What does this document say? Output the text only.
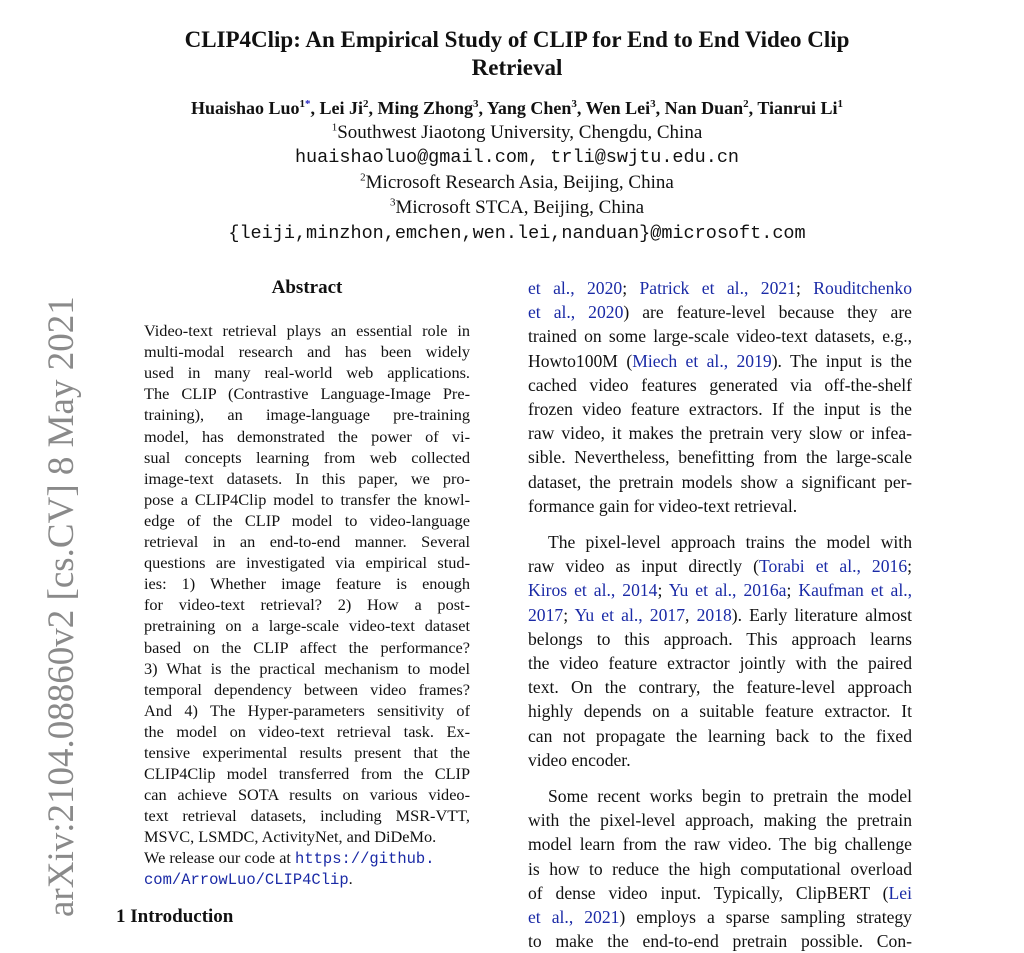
CLIP4Clip: An Empirical Study of CLIP for End to End Video Clip
Retrieval
Huaishao Luo$^{1*}$, Lei Ji$^2$, Ming Zhong$^3$, Yang Chen$^3$, Wen Lei$^3$, Nan Duan$^2$, Tianrui Li$^1$
$^1$Southwest Jiaotong University, Chengdu, China
huaishaoluo@gmail.com, trli@swjtu.edu.cn
$^2$Microsoft Research Asia, Beijing, China
$^3$Microsoft STCA, Beijing, China
{leiji,minzhon,emchen,wen.lei,nanduan}@microsoft.com
arXiv:2104.08860v2 [cs.CV] 8 May 2021
Abstract
Video-text retrieval plays an essential role in
multi-modal research and has been widely
used in many real-world web applications.
The CLIP (Contrastive Language-Image Pre-
training), an image-language pre-training
model, has demonstrated the power of vi-
sual concepts learning from web collected
image-text datasets. In this paper, we pro-
pose a CLIP4Clip model to transfer the knowl-
edge of the CLIP model to video-language
retrieval in an end-to-end manner. Several
questions are investigated via empirical stud-
ies: 1) Whether image feature is enough
for video-text retrieval? 2) How a post-
pretraining on a large-scale video-text dataset
based on the CLIP affect the performance?
3) What is the practical mechanism to model
temporal dependency between video frames?
And 4) The Hyper-parameters sensitivity of
the model on video-text retrieval task. Ex-
tensive experimental results present that the
CLIP4Clip model transferred from the CLIP
can achieve SOTA results on various video-
text retrieval datasets, including MSR-VTT,
MSVC, LSMDC, ActivityNet, and DiDeMo.
We release our code at https://github.
com/ArrowLuo/CLIP4Clip.
1 Introduction
et al., 2020; Patrick et al., 2021; Rouditchenko
et al., 2020) are feature-level because they are
trained on some large-scale video-text datasets, e.g.,
Howto100M (Miech et al., 2019). The input is the
cached video features generated via off-the-shelf
frozen video feature extractors. If the input is the
raw video, it makes the pretrain very slow or infea-
sible. Nevertheless, benefitting from the large-scale
dataset, the pretrain models show a significant per-
formance gain for video-text retrieval.
The pixel-level approach trains the model with
raw video as input directly (Torabi et al., 2016;
Kiros et al., 2014; Yu et al., 2016a; Kaufman et al.,
2017; Yu et al., 2017, 2018). Early literature almost
belongs to this approach. This approach learns
the video feature extractor jointly with the paired
text. On the contrary, the feature-level approach
highly depends on a suitable feature extractor. It
can not propagate the learning back to the fixed
video encoder.
Some recent works begin to pretrain the model
with the pixel-level approach, making the pretrain
model learn from the raw video. The big challenge
is how to reduce the high computational overload
of dense video input. Typically, ClipBERT (Lei
et al., 2021) employs a sparse sampling strategy
to make the end-to-end pretrain possible. Con-
